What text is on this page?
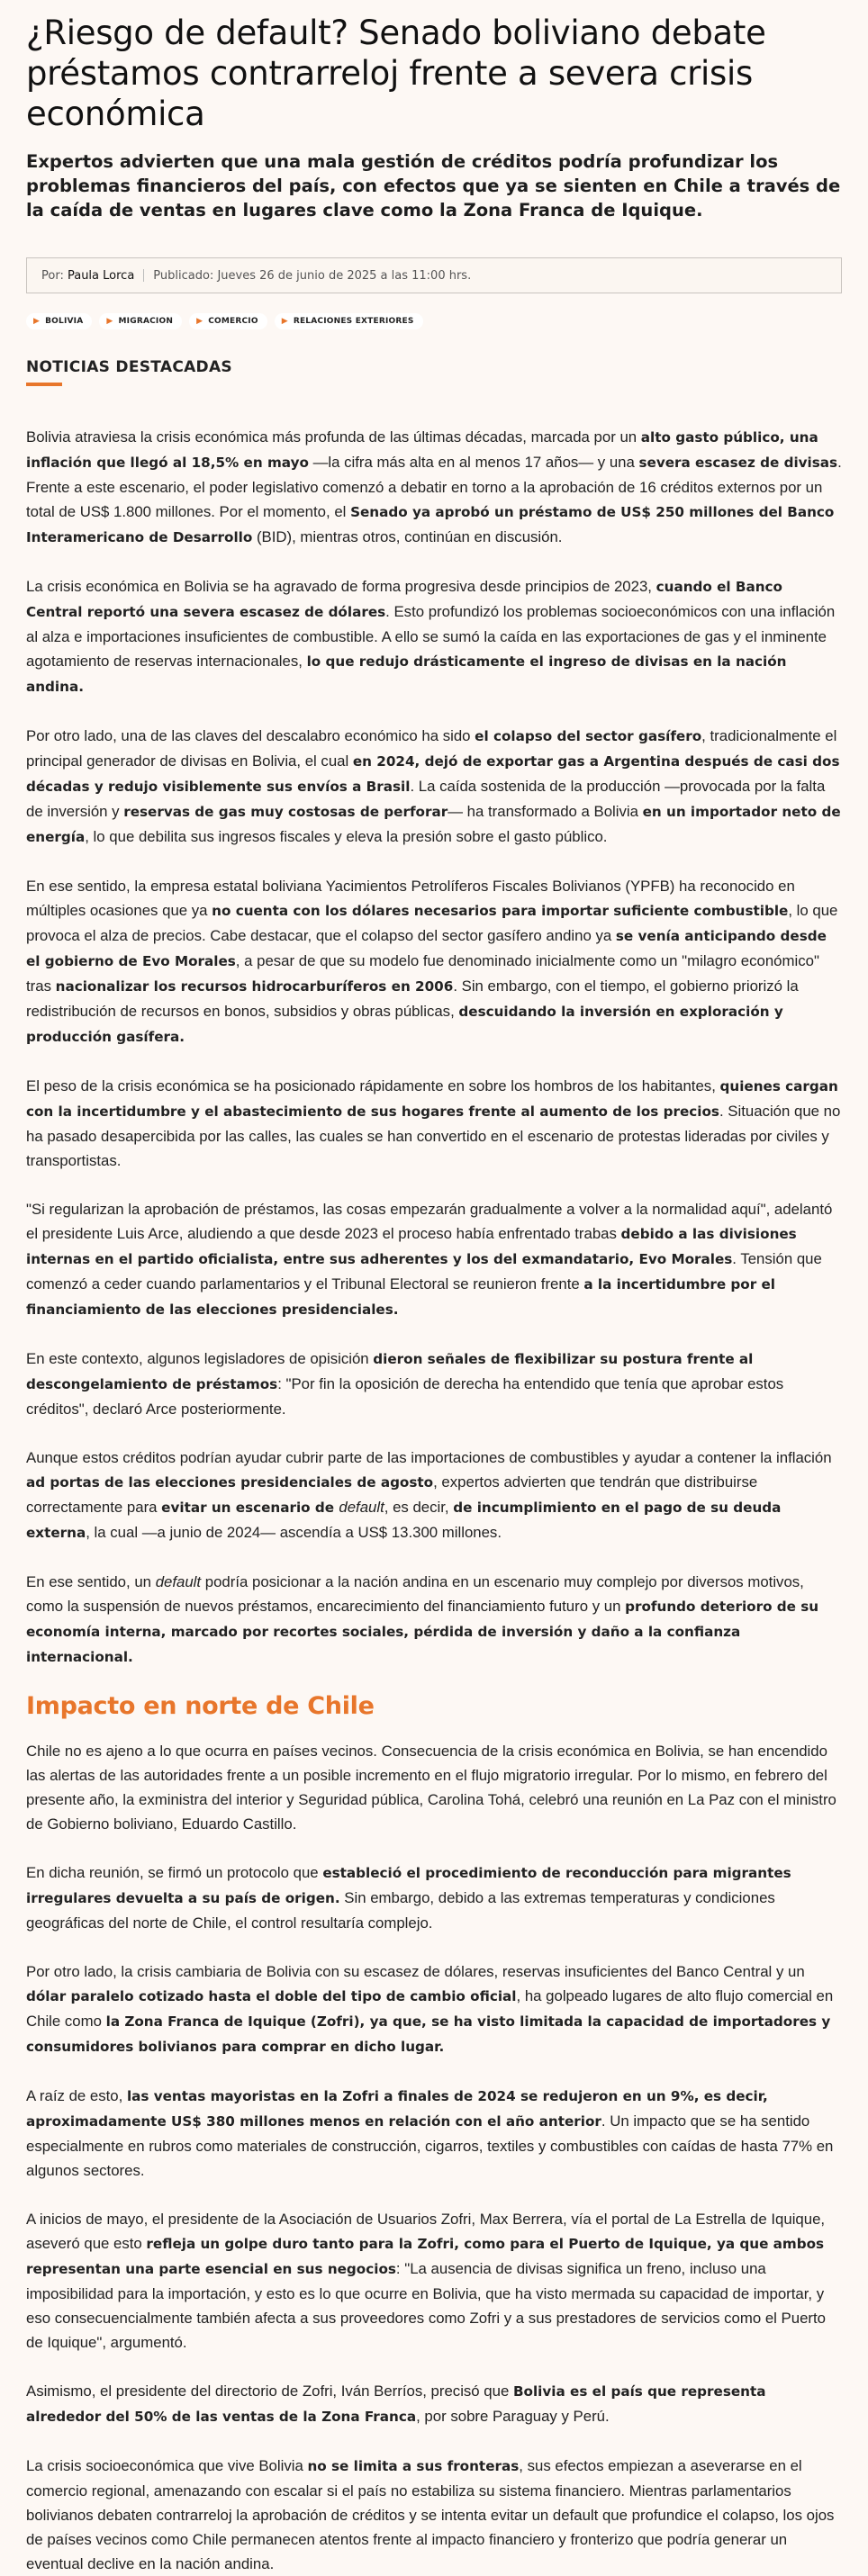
¿Riesgo de default? Senado boliviano debate préstamos contrarreloj frente a severa crisis económica

Expertos advierten que una mala gestión de créditos podría profundizar los problemas financieros del país, con efectos que ya se sienten en Chile a través de la caída de ventas en lugares clave como la Zona Franca de Iquique.

Por:
Paula Lorca Publicado: Jueves 26 de junio de 2025 a las 11:00 hrs.
▶ BOLIVIA	▶ MIGRACION	▶ COMERCIO	▶ RELACIONES EXTERIORES
NOTICIAS DESTACADAS

Bolivia atraviesa la crisis económica más profunda de las últimas décadas, marcada por un alto gasto público, una inflación que llegó al 18,5% en mayo —la cifra más alta en al menos 17 años— y una severa escasez de divisas. Frente a este escenario, el poder legislativo comenzó a debatir en torno a la aprobación de 16 créditos externos por un total de US$ 1.800 millones. Por el momento, el Senado ya aprobó un préstamo de US$ 250 millones del Banco Interamericano de Desarrollo (BID), mientras otros, continúan en discusión.

La crisis económica en Bolivia se ha agravado de forma progresiva desde principios de 2023, cuando el Banco Central reportó una severa escasez de dólares. Esto profundizó los problemas socioeconómicos con una inflación al alza e importaciones insuficientes de combustible. A ello se sumó la caída en las exportaciones de gas y el inminente agotamiento de reservas internacionales, lo que redujo drásticamente el ingreso de divisas en la nación andina.

Por otro lado, una de las claves del descalabro económico ha sido el colapso del sector gasífero, tradicionalmente el principal generador de divisas en Bolivia, el cual en 2024, dejó de exportar gas a Argentina después de casi dos décadas y redujo visiblemente sus envíos a Brasil. La caída sostenida de la producción —provocada por la falta de inversión y reservas de gas muy costosas de perforar— ha transformado a Bolivia en un importador neto de energía, lo que debilita sus ingresos fiscales y eleva la presión sobre el gasto público.

En ese sentido, la empresa estatal boliviana Yacimientos Petrolíferos Fiscales Bolivianos (YPFB) ha reconocido en múltiples ocasiones que ya no cuenta con los dólares necesarios para importar suficiente combustible, lo que provoca el alza de precios. Cabe destacar, que el colapso del sector gasífero andino ya se venía anticipando desde el gobierno de Evo Morales, a pesar de que su modelo fue denominado inicialmente como un "milagro económico" tras nacionalizar los recursos hidrocarburíferos en 2006. Sin embargo, con el tiempo, el gobierno priorizó la redistribución de recursos en bonos, subsidios y obras públicas, descuidando la inversión en exploración y producción gasífera.

El peso de la crisis económica se ha posicionado rápidamente en sobre los hombros de los habitantes, quienes cargan con la incertidumbre y el abastecimiento de sus hogares frente al aumento de los precios. Situación que no ha pasado desapercibida por las calles, las cuales se han convertido en el escenario de protestas lideradas por civiles y transportistas.

"Si regularizan la aprobación de préstamos, las cosas empezarán gradualmente a volver a la normalidad aquí", adelantó el presidente Luis Arce, aludiendo a que desde 2023 el proceso había enfrentado trabas debido a las divisiones internas en el partido oficialista, entre sus adherentes y los del exmandatario, Evo Morales. Tensión que comenzó a ceder cuando parlamentarios y el Tribunal Electoral se reunieron frente a la incertidumbre por el financiamiento de las elecciones presidenciales.

En este contexto, algunos legisladores de opisición dieron señales de flexibilizar su postura frente al descongelamiento de préstamos: "Por fin la oposición de derecha ha entendido que tenía que aprobar estos créditos", declaró Arce posteriormente.

Aunque estos créditos podrían ayudar cubrir parte de las importaciones de combustibles y ayudar a contener la inflación ad portas de las elecciones presidenciales de agosto, expertos advierten que tendrán que distribuirse correctamente para evitar un escenario de default, es decir, de incumplimiento en el pago de su deuda externa, la cual —a junio de 2024— ascendía a US$ 13.300 millones.

En ese sentido, un default podría posicionar a la nación andina en un escenario muy complejo por diversos motivos, como la suspensión de nuevos préstamos, encarecimiento del financiamiento futuro y un profundo deterioro de su economía interna, marcado por recortes sociales, pérdida de inversión y daño a la confianza internacional.

Impacto en norte de Chile

Chile no es ajeno a lo que ocurra en países vecinos. Consecuencia de la crisis económica en Bolivia, se han encendido las alertas de las autoridades frente a un posible incremento en el flujo migratorio irregular. Por lo mismo, en febrero del presente año, la exministra del interior y Seguridad pública, Carolina Tohá, celebró una reunión en La Paz con el ministro de Gobierno boliviano, Eduardo Castillo.

En dicha reunión, se firmó un protocolo que estableció el procedimiento de reconducción para migrantes irregulares devuelta a su país de origen. Sin embargo, debido a las extremas temperaturas y condiciones geográficas del norte de Chile, el control resultaría complejo.

Por otro lado, la crisis cambiaria de Bolivia con su escasez de dólares, reservas insuficientes del Banco Central y un dólar paralelo cotizado hasta el doble del tipo de cambio oficial, ha golpeado lugares de alto flujo comercial en Chile como la Zona Franca de Iquique (Zofri), ya que, se ha visto limitada la capacidad de importadores y consumidores bolivianos para comprar en dicho lugar.

A raíz de esto, las ventas mayoristas en la Zofri a finales de 2024 se redujeron en un 9%, es decir, aproximadamente US$ 380 millones menos en relación con el año anterior. Un impacto que se ha sentido especialmente en rubros como materiales de construcción, cigarros, textiles y combustibles con caídas de hasta 77% en algunos sectores.

A inicios de mayo, el presidente de la Asociación de Usuarios Zofri, Max Berrera, vía el portal de La Estrella de Iquique, aseveró que esto refleja un golpe duro tanto para la Zofri, como para el Puerto de Iquique, ya que ambos representan una parte esencial en sus negocios: "La ausencia de divisas significa un freno, incluso una imposibilidad para la importación, y esto es lo que ocurre en Bolivia, que ha visto mermada su capacidad de importar, y eso consecuencialmente también afecta a sus proveedores como Zofri y a sus prestadores de servicios como el Puerto de Iquique", argumentó.

Asimismo, el presidente del directorio de Zofri, Iván Berríos, precisó que Bolivia es el país que representa alrededor del 50% de las ventas de la Zona Franca, por sobre Paraguay y Perú.

La crisis socioeconómica que vive Bolivia no se limita a sus fronteras, sus efectos empiezan a aseverarse en el comercio regional, amenazando con escalar si el país no estabiliza su sistema financiero. Mientras parlamentarios bolivianos debaten contrarreloj la aprobación de créditos y se intenta evitar un default que profundice el colapso, los ojos de países vecinos como Chile permanecen atentos frente al impacto financiero y fronterizo que podría generar un eventual declive en la nación andina.
